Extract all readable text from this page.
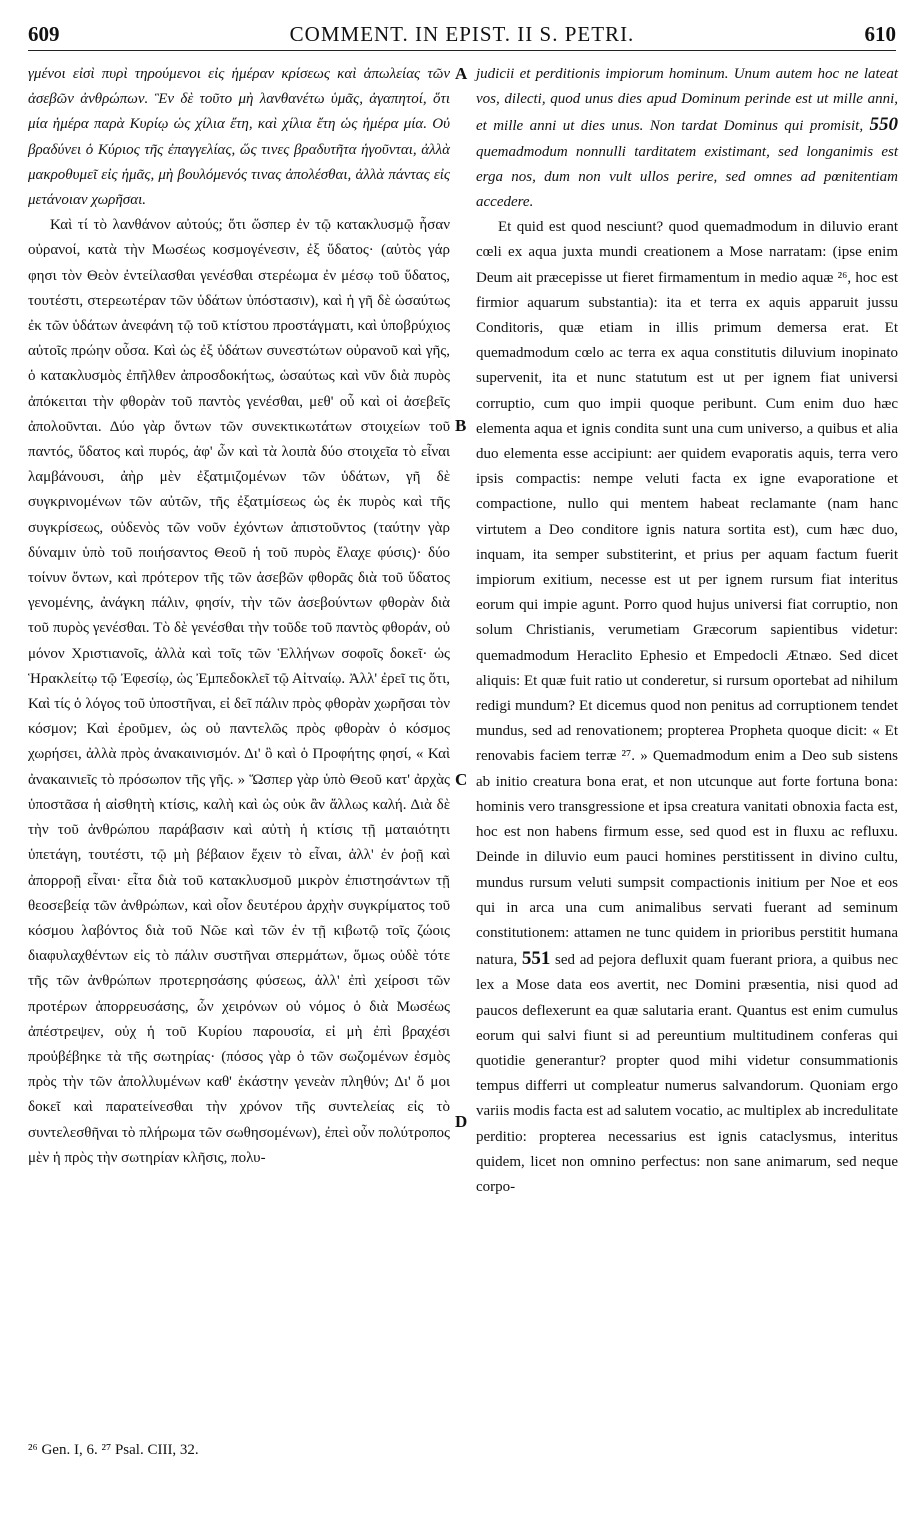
609	COMMENT. IN EPIST. II S. PETRI.	610

γμένοι εἰσὶ πυρὶ τηρούμενοι εἰς ἡμέραν κρίσεως καὶ ἀπωλείας τῶν ἀσεβῶν ἀνθρώπων. Ἓν δὲ τοῦτο μὴ λανθανέτω ὑμᾶς, ἀγαπητοί, ὅτι μία ἡμέρα παρὰ Κυρίῳ ὡς χίλια ἔτη, καὶ χίλια ἔτη ὡς ἡμέρα μία. Οὐ βραδύνει ὁ Κύριος τῆς ἐπαγγελίας, ὥς τινες βραδυτῆτα ἡγοῦνται, ἀλλὰ μακροθυμεῖ εἰς ἡμᾶς, μὴ βουλόμενός τινας ἀπολέσθαι, ἀλλὰ πάντας εἰς μετάνοιαν χωρῆσαι.

Καὶ τί τὸ λανθάνον αὐτούς; ὅτι ὥσπερ ἐν τῷ κατακλυσμῷ ἦσαν οὐρανοί, κατὰ τὴν Μωσέως κοσμογένεσιν, ἐξ ὕδατος· (αὐτὸς γάρ φησι τὸν Θεὸν ἐντείλασθαι γενέσθαι στερέωμα ἐν μέσῳ τοῦ ὕδατος, τουτέστι, στερεωτέραν τῶν ὑδάτων ὑπόστασιν), καὶ ἡ γῆ δὲ ὡσαύτως ἐκ τῶν ὑδάτων ἀνεφάνη τῷ τοῦ κτίστου προστάγματι, καὶ ὑποβρύχιος αὐτοῖς πρώην οὖσα. Καὶ ὡς ἐξ ὑδάτων συνεστώτων οὐρανοῦ καὶ γῆς, ὁ κατακλυσμὸς ἐπῆλθεν ἀπροσδοκήτως, ὡσαύτως καὶ νῦν διὰ πυρὸς ἀπόκειται τὴν φθορὰν τοῦ παντὸς γενέσθαι, μεθ' οὗ καὶ οἱ ἀσεβεῖς ἀπολοῦνται. Δύο γὰρ ὄντων τῶν συνεκτικωτάτων στοιχείων τοῦ παντός, ὕδατος καὶ πυρός, ἀφ' ὧν καὶ τὰ λοιπὰ δύο στοιχεῖα τὸ εἶναι λαμβάνουσι, ἀὴρ μὲν ἐξατμιζομένων τῶν ὑδάτων, γῆ δὲ συγκρινομένων τῶν αὐτῶν, τῆς ἐξατμίσεως ὡς ἐκ πυρὸς καὶ τῆς συγκρίσεως, οὐδενὸς τῶν νοῦν ἐχόντων ἀπιστοῦντος (ταύτην γὰρ δύναμιν ὑπὸ τοῦ ποιήσαντος Θεοῦ ἡ τοῦ πυρὸς ἔλαχε φύσις)· δύο τοίνυν ὄντων, καὶ πρότερον τῆς τῶν ἀσεβῶν φθορᾶς διὰ τοῦ ὕδατος γενομένης, ἀνάγκη πάλιν, φησίν, τὴν τῶν ἀσεβούντων φθορὰν διὰ τοῦ πυρὸς γενέσθαι. Τὸ δὲ γενέσθαι τὴν τοῦδε τοῦ παντὸς φθοράν, οὐ μόνον Χριστιανοῖς, ἀλλὰ καὶ τοῖς τῶν Ἑλλήνων σοφοῖς δοκεῖ· ὡς Ἡρακλείτῳ τῷ Ἐφεσίῳ, ὡς Ἐμπεδοκλεῖ τῷ Αἰτναίῳ. Ἀλλ' ἐρεῖ τις ὅτι, Καὶ τίς ὁ λόγος τοῦ ὑποστῆναι, εἰ δεῖ πάλιν πρὸς φθορὰν χωρῆσαι τὸν κόσμον; Καὶ ἐροῦμεν, ὡς οὐ παντελῶς πρὸς φθορὰν ὁ κόσμος χωρήσει, ἀλλὰ πρὸς ἀνακαινισμόν. Δι' ὃ καὶ ὁ Προφήτης φησί, « Καὶ ἀνακαινιεῖς τὸ πρόσωπον τῆς γῆς. » Ὥσπερ γὰρ ὑπὸ Θεοῦ κατ' ἀρχὰς ὑποστᾶσα ἡ αἰσθητὴ κτίσις, καλὴ καὶ ὡς οὐκ ἂν ἄλλως καλή. Διὰ δὲ τὴν τοῦ ἀνθρώπου παράβασιν καὶ αὐτὴ ἡ κτίσις τῇ ματαιότητι ὑπετάγη, τουτέστι, τῷ μὴ βέβαιον ἔχειν τὸ εἶναι, ἀλλ' ἐν ῥοῇ καὶ ἀπορροῇ εἶναι· εἶτα διὰ τοῦ κατακλυσμοῦ μικρὸν ἐπιστησάντων τῇ θεοσεβείᾳ τῶν ἀνθρώπων, καὶ οἷον δευτέρου ἀρχὴν συγκρίματος τοῦ κόσμου λαβόντος διὰ τοῦ Νῶε καὶ τῶν ἐν τῇ κιβωτῷ τοῖς ζώοις διαφυλαχθέντων εἰς τὸ πάλιν συστῆναι σπερμάτων, ὅμως οὐδὲ τότε τῆς τῶν ἀνθρώπων προτερησάσης φύσεως, ἀλλ' ἐπὶ χείροσι τῶν προτέρων ἀπορρευσάσης, ὧν χειρόνων οὐ νόμος ὁ διὰ Μωσέως ἀπέστρεψεν, οὐχ ἡ τοῦ Κυρίου παρουσία, εἰ μὴ ἐπὶ βραχέσι προὐβέβηκε τὰ τῆς σωτηρίας· (πόσος γὰρ ὁ τῶν σωζομένων ἐσμὸς πρὸς τὴν τῶν ἀπολλυμένων καθ' ἑκάστην γενεὰν πληθύν; Δι' ὅ μοι δοκεῖ καὶ παρατείνεσθαι τὴν χρόνον τῆς συντελείας εἰς τὸ συντελεσθῆναι τὸ πλήρωμα τῶν σωθησομένων), ἐπεὶ οὖν πολύτροπος μὲν ἡ πρὸς τὴν σωτηρίαν κλῆσις, πολυ-

A
B
C
D

judicii et perditionis impiorum hominum. Unum autem hoc ne lateat vos, dilecti, quod unus dies apud Dominum perinde est ut mille anni, et mille anni ut dies unus. Non tardat Dominus qui promisit, 550 quemadmodum nonnulli tarditatem existimant, sed longanimis est erga nos, dum non vult ullos perire, sed omnes ad pœnitentiam accedere.

Et quid est quod nesciunt? quod quemadmodum in diluvio erant cœli ex aqua juxta mundi creationem a Mose narratam: (ipse enim Deum ait præcepisse ut fieret firmamentum in medio aquæ ²⁶, hoc est firmior aquarum substantia): ita et terra ex aquis apparuit jussu Conditoris, quæ etiam in illis primum demersa erat. Et quemadmodum cœlo ac terra ex aqua constitutis diluvium inopinato supervenit, ita et nunc statutum est ut per ignem fiat universi corruptio, cum quo impii quoque peribunt. Cum enim duo hæc elementa aqua et ignis condita sunt una cum universo, a quibus et alia duo elementa esse accipiunt: aer quidem evaporatis aquis, terra vero ipsis compactis: nempe veluti facta ex igne evaporatione et compactione, nullo qui mentem habeat reclamante (nam hanc virtutem a Deo conditore ignis natura sortita est), cum hæc duo, inquam, ita semper substiterint, et prius per aquam factum fuerit impiorum exitium, necesse est ut per ignem rursum fiat interitus eorum qui impie agunt. Porro quod hujus universi fiat corruptio, non solum Christianis, verumetiam Græcorum sapientibus videtur: quemadmodum Heraclito Ephesio et Empedocli Ætnæo. Sed dicet aliquis: Et quæ fuit ratio ut conderetur, si rursum oportebat ad nihilum redigi mundum? Et dicemus quod non penitus ad corruptionem tendet mundus, sed ad renovationem; propterea Propheta quoque dicit: « Et renovabis faciem terræ ²⁷. » Quemadmodum enim a Deo sub sistens ab initio creatura bona erat, et non utcunque aut forte fortuna bona: hominis vero transgressione et ipsa creatura vanitati obnoxia facta est, hoc est non habens firmum esse, sed quod est in fluxu ac refluxu. Deinde in diluvio eum pauci homines perstitissent in divino cultu, mundus rursum veluti sumpsit compactionis initium per Noe et eos qui in arca una cum animalibus servati fuerant ad seminum constitutionem: attamen ne tunc quidem in prioribus perstitit humana natura, 551 sed ad pejora defluxit quam fuerant priora, a quibus nec lex a Mose data eos avertit, nec Domini præsentia, nisi quod ad paucos deflexerunt ea quæ salutaria erant. Quantus est enim cumulus eorum qui salvi fiunt si ad pereuntium multitudinem conferas qui quotidie generantur? propter quod mihi videtur consummationis tempus differri ut compleatur numerus salvandorum. Quoniam ergo variis modis facta est ad salutem vocatio, ac multiplex ab incredulitate perditio: propterea necessarius est ignis cataclysmus, interitus quidem, licet non omnino perfectus: non sane animarum, sed neque corpo-

²⁶ Gen. I, 6. ²⁷ Psal. CIII, 32.
